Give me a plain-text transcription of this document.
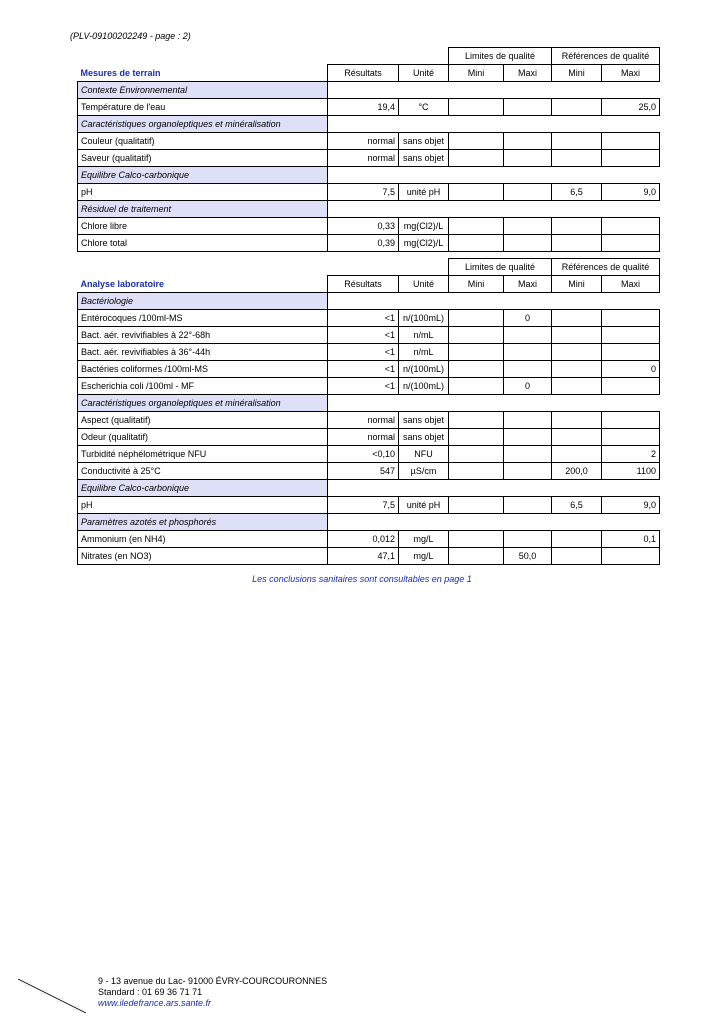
(PLV-09100202249 - page : 2)
			Limites de qualité		Références de qualité	
Mesures de terrain	Résultats	Unité	Mini	Maxi	Mini	Maxi
Contexte Environnemental						
Température de l'eau	19,4	°C				25,0
Caractéristiques organoleptiques et minéralisation						
Couleur (qualitatif)	normal	sans objet				
Saveur (qualitatif)	normal	sans objet				
Equilibre Calco-carbonique						
pH	7,5	unité pH			6,5	9,0
Résiduel de traitement						
Chlore libre	0,33	mg(Cl2)/L				
Chlore total	0,39	mg(Cl2)/L				
			Limites de qualité		Références de qualité	
Analyse laboratoire	Résultats	Unité	Mini	Maxi	Mini	Maxi
Bactériologie						
Entérocoques /100ml-MS	<1	n/(100mL)		0		
Bact. aér. revivifiables à 22°-68h	<1	n/mL				
Bact. aér. revivifiables à 36°-44h	<1	n/mL				
Bactéries coliformes /100ml-MS	<1	n/(100mL)				0
Escherichia coli /100ml - MF	<1	n/(100mL)		0		
Caractéristiques organoleptiques et minéralisation						
Aspect (qualitatif)	normal	sans objet				
Odeur (qualitatif)	normal	sans objet				
Turbidité néphélométrique NFU	<0,10	NFU				2
Conductivité à 25°C	547	µS/cm			200,0	1100
Equilibre Calco-carbonique						
pH	7,5	unité pH			6,5	9,0
Paramètres azotés et phosphorés						
Ammonium (en NH4)	0,012	mg/L				0,1
Nitrates (en NO3)	47,1	mg/L		50,0		
Les conclusions sanitaires sont consultables en page 1
9 - 13 avenue du Lac- 91000 ÉVRY-COURCOURONNES
Standard : 01 69 36 71 71
www.iledefrance.ars.sante.fr
